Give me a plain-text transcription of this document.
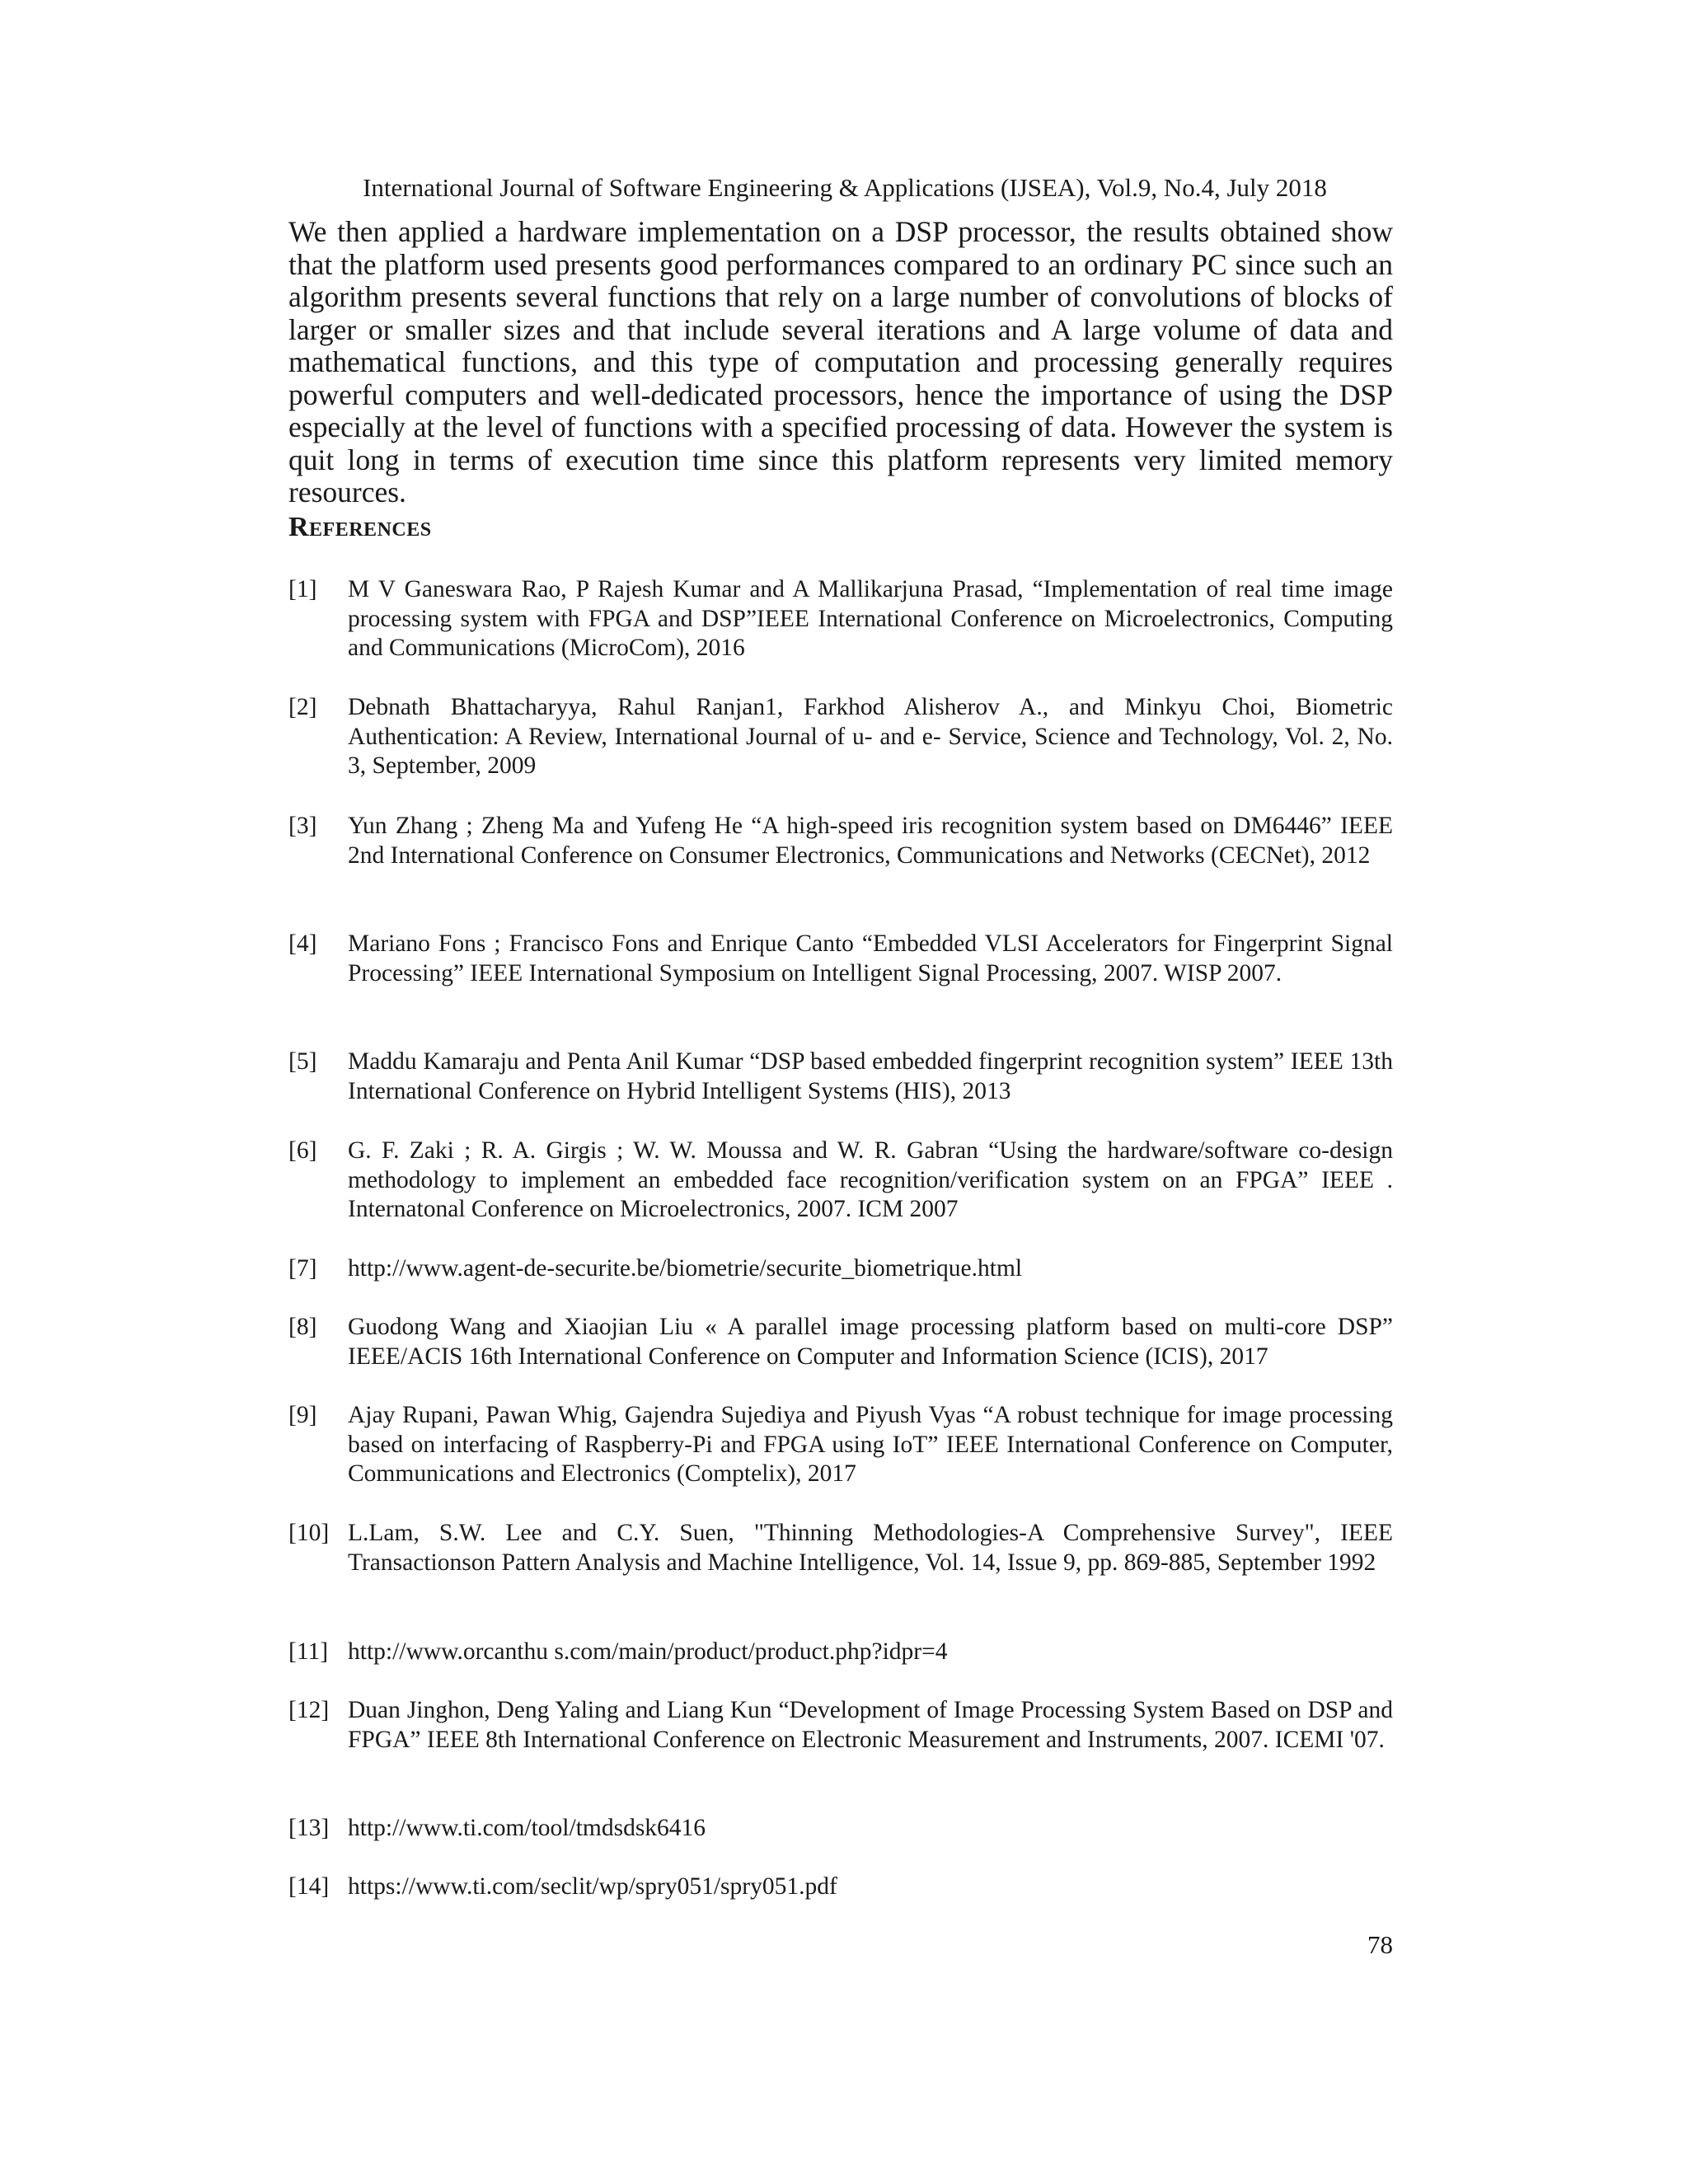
International Journal of Software Engineering & Applications (IJSEA), Vol.9, No.4, July 2018

We then applied a hardware implementation on a DSP processor, the results obtained show that the platform used presents good performances compared to an ordinary PC since such an algorithm presents several functions that rely on a large number of convolutions of blocks of larger or smaller sizes and that include several iterations and A large volume of data and mathematical functions, and this type of computation and processing generally requires powerful computers and well-dedicated processors, hence the importance of using the DSP especially at the level of functions with a specified processing of data. However the system is quit long in terms of execution time since this platform represents very limited memory resources.

References
[1]	M V Ganeswara Rao, P Rajesh Kumar and A Mallikarjuna Prasad, “Implementation of real time image processing system with FPGA and DSP”IEEE International Conference on Microelectronics, Computing and Communications (MicroCom), 2016
[2]	Debnath Bhattacharyya, Rahul Ranjan1, Farkhod Alisherov A., and Minkyu Choi, Biometric Authentication: A Review, International Journal of u- and e- Service, Science and Technology, Vol. 2, No. 3, September, 2009
[3]	Yun Zhang ; Zheng Ma and Yufeng He “A high-speed iris recognition system based on DM6446” IEEE 2nd International Conference on Consumer Electronics, Communications and Networks (CECNet), 2012
[4]	Mariano Fons ; Francisco Fons and Enrique Canto “Embedded VLSI Accelerators for Fingerprint Signal Processing” IEEE International Symposium on Intelligent Signal Processing, 2007. WISP 2007.
[5]	Maddu Kamaraju and Penta Anil Kumar “DSP based embedded fingerprint recognition system” IEEE 13th International Conference on Hybrid Intelligent Systems (HIS), 2013
[6]	G. F. Zaki ; R. A. Girgis ; W. W. Moussa and W. R. Gabran “Using the hardware/software co-design methodology to implement an embedded face recognition/verification system on an FPGA” IEEE . Internatonal Conference on Microelectronics, 2007. ICM 2007
[7]	http://www.agent-de-securite.be/biometrie/securite_biometrique.html
[8]	Guodong Wang and Xiaojian Liu « A parallel image processing platform based on multi-core DSP” IEEE/ACIS 16th International Conference on Computer and Information Science (ICIS), 2017
[9]	Ajay Rupani, Pawan Whig, Gajendra Sujediya and Piyush Vyas “A robust technique for image processing based on interfacing of Raspberry-Pi and FPGA using IoT” IEEE International Conference on Computer, Communications and Electronics (Comptelix), 2017
[10] L.Lam, S.W. Lee and C.Y. Suen, "Thinning Methodologies-A Comprehensive Survey", IEEE Transactionson Pattern Analysis and Machine Intelligence, Vol. 14, Issue 9, pp. 869-885, September 1992
[11] http://www.orcanthu s.com/main/product/product.php?idpr=4
[12] Duan Jinghon, Deng Yaling and Liang Kun “Development of Image Processing System Based on DSP and FPGA” IEEE 8th International Conference on Electronic Measurement and Instruments, 2007. ICEMI '07.
[13] http://www.ti.com/tool/tmdsdsk6416
[14] https://www.ti.com/seclit/wp/spry051/spry051.pdf
78
